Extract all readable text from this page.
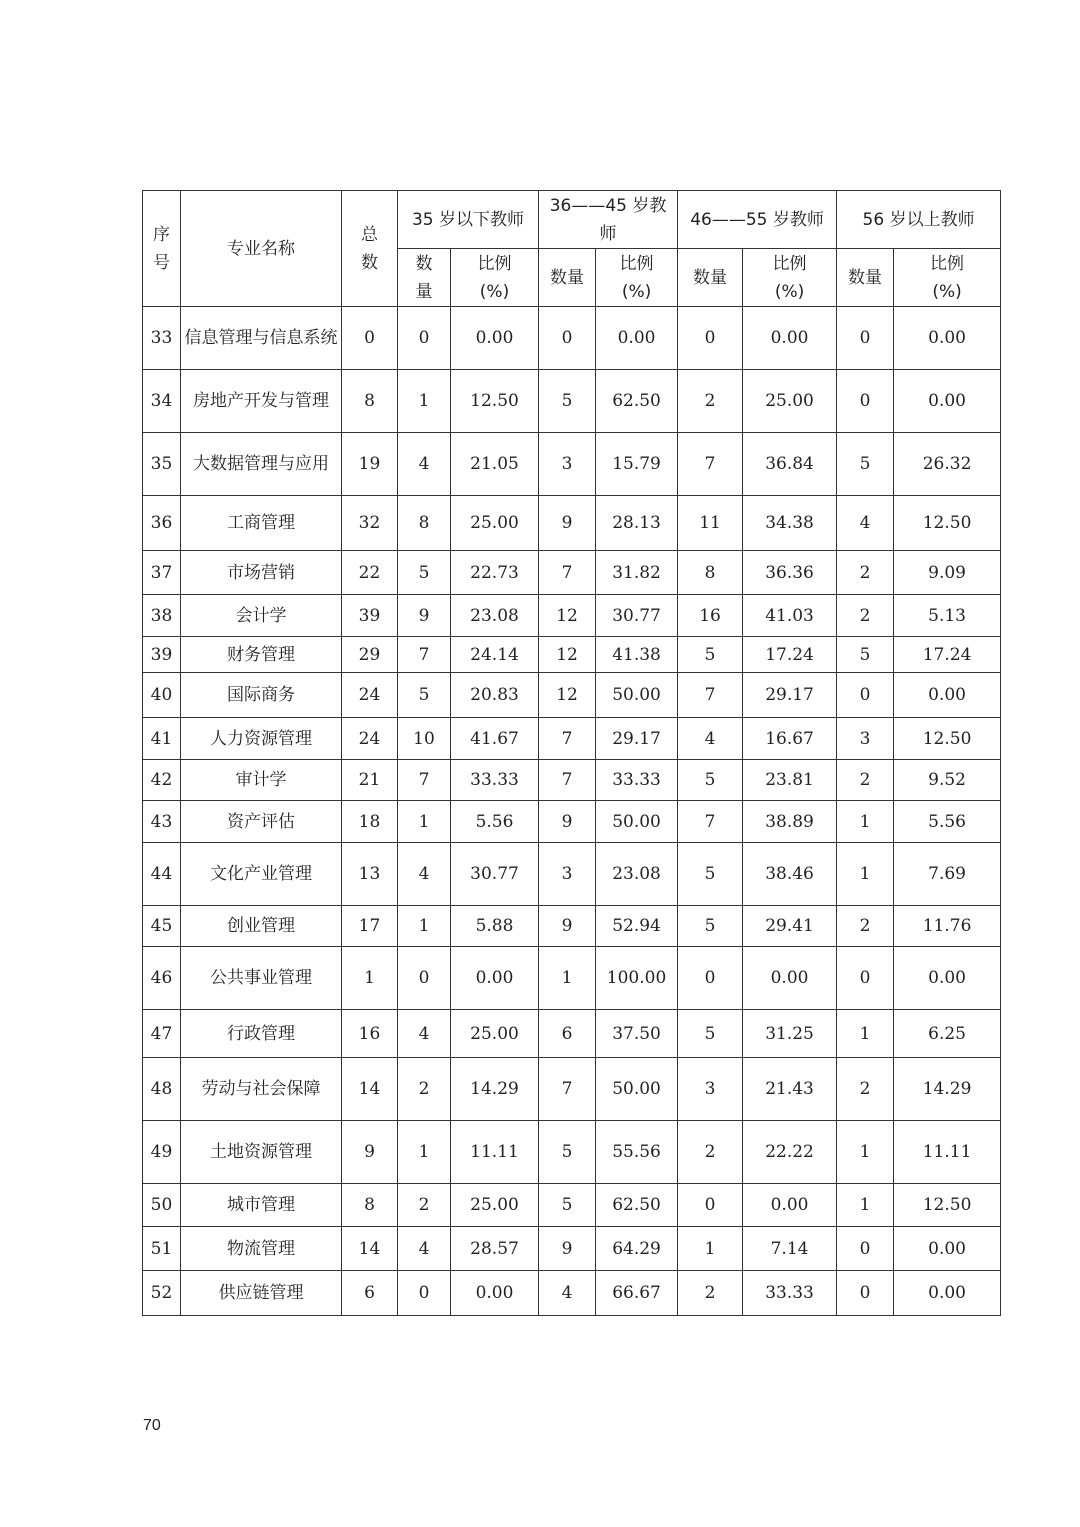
序号	专业名称	总数	35 岁以下教师		36——45 岁教师		46——55 岁教师		56 岁以上教师	
			数量	比例(%)	数量	比例(%)	数量	比例(%)	数量	比例(%)
33	信息管理与信息系统	0	0	0.00	0	0.00	0	0.00	0	0.00
34	房地产开发与管理	8	1	12.50	5	62.50	2	25.00	0	0.00
35	大数据管理与应用	19	4	21.05	3	15.79	7	36.84	5	26.32
36	工商管理	32	8	25.00	9	28.13	11	34.38	4	12.50
37	市场营销	22	5	22.73	7	31.82	8	36.36	2	9.09
38	会计学	39	9	23.08	12	30.77	16	41.03	2	5.13
39	财务管理	29	7	24.14	12	41.38	5	17.24	5	17.24
40	国际商务	24	5	20.83	12	50.00	7	29.17	0	0.00
41	人力资源管理	24	10	41.67	7	29.17	4	16.67	3	12.50
42	审计学	21	7	33.33	7	33.33	5	23.81	2	9.52
43	资产评估	18	1	5.56	9	50.00	7	38.89	1	5.56
44	文化产业管理	13	4	30.77	3	23.08	5	38.46	1	7.69
45	创业管理	17	1	5.88	9	52.94	5	29.41	2	11.76
46	公共事业管理	1	0	0.00	1	100.00	0	0.00	0	0.00
47	行政管理	16	4	25.00	6	37.50	5	31.25	1	6.25
48	劳动与社会保障	14	2	14.29	7	50.00	3	21.43	2	14.29
49	土地资源管理	9	1	11.11	5	55.56	2	22.22	1	11.11
50	城市管理	8	2	25.00	5	62.50	0	0.00	1	12.50
51	物流管理	14	4	28.57	9	64.29	1	7.14	0	0.00
52	供应链管理	6	0	0.00	4	66.67	2	33.33	0	0.00
70
